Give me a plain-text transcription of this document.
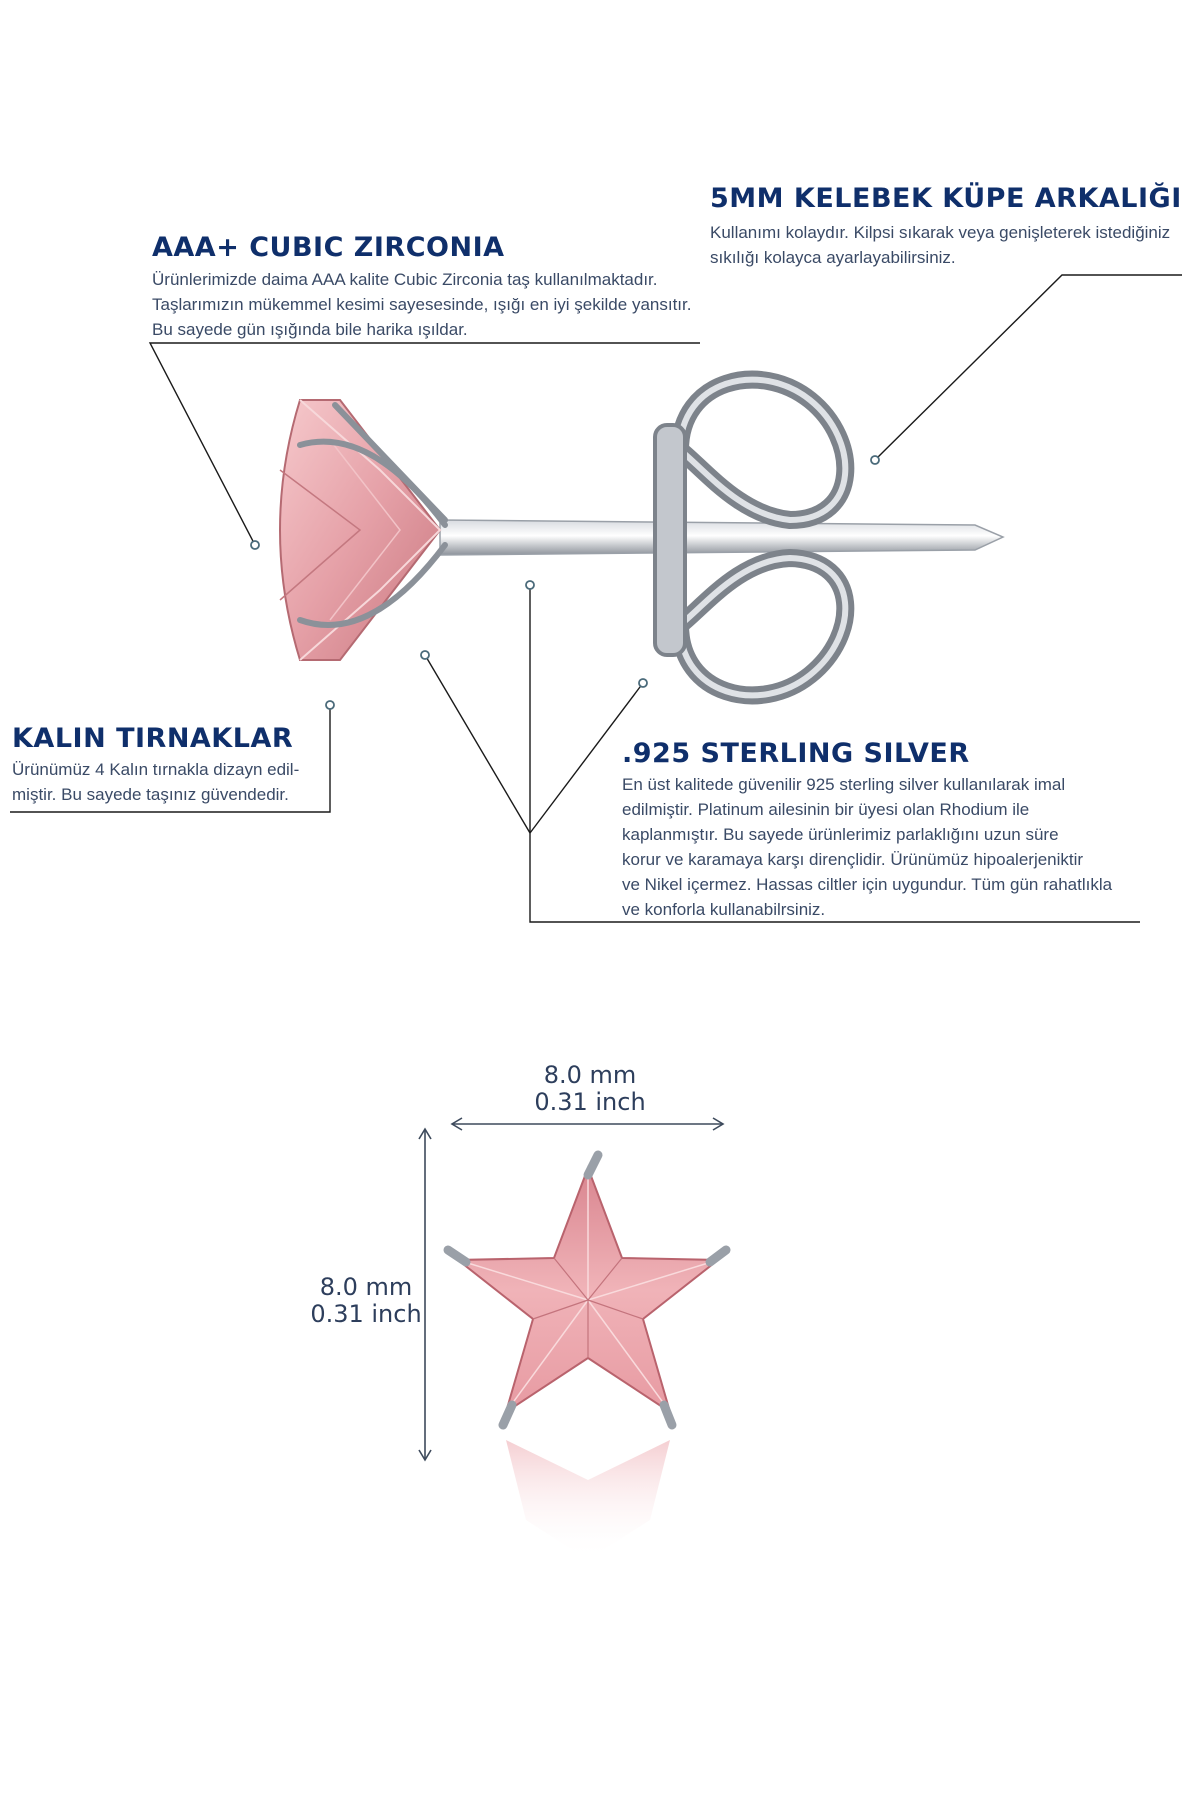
AAA+ CUBIC ZIRCONIA
Ürünlerimizde daima AAA kalite Cubic Zirconia taş kullanılmaktadır.
Taşlarımızın mükemmel kesimi sayesesinde, ışığı en iyi şekilde yansıtır.
Bu sayede gün ışığında bile harika ışıldar.
5MM KELEBEK KÜPE ARKALIĞI
Kullanımı kolaydır. Kilpsi sıkarak veya genişleterek istediğiniz
sıkılığı kolayca ayarlayabilirsiniz.
KALIN TIRNAKLAR
Ürünümüz 4 Kalın tırnakla dizayn edil-
miştir. Bu sayede taşınız güvendedir.
.925 STERLING SILVER
En üst kalitede güvenilir 925 sterling silver kullanılarak imal
edilmiştir. Platinum ailesinin bir üyesi olan Rhodium ile
kaplanmıştır. Bu sayede ürünlerimiz parlaklığını uzun süre
korur ve karamaya karşı dirençlidir. Ürünümüz hipoalerjeniktir
ve Nikel içermez. Hassas ciltler için uygundur. Tüm gün rahatlıkla
ve konforla kullanabilrsiniz.
8.0 mm
0.31 inch
8.0 mm
0.31 inch
